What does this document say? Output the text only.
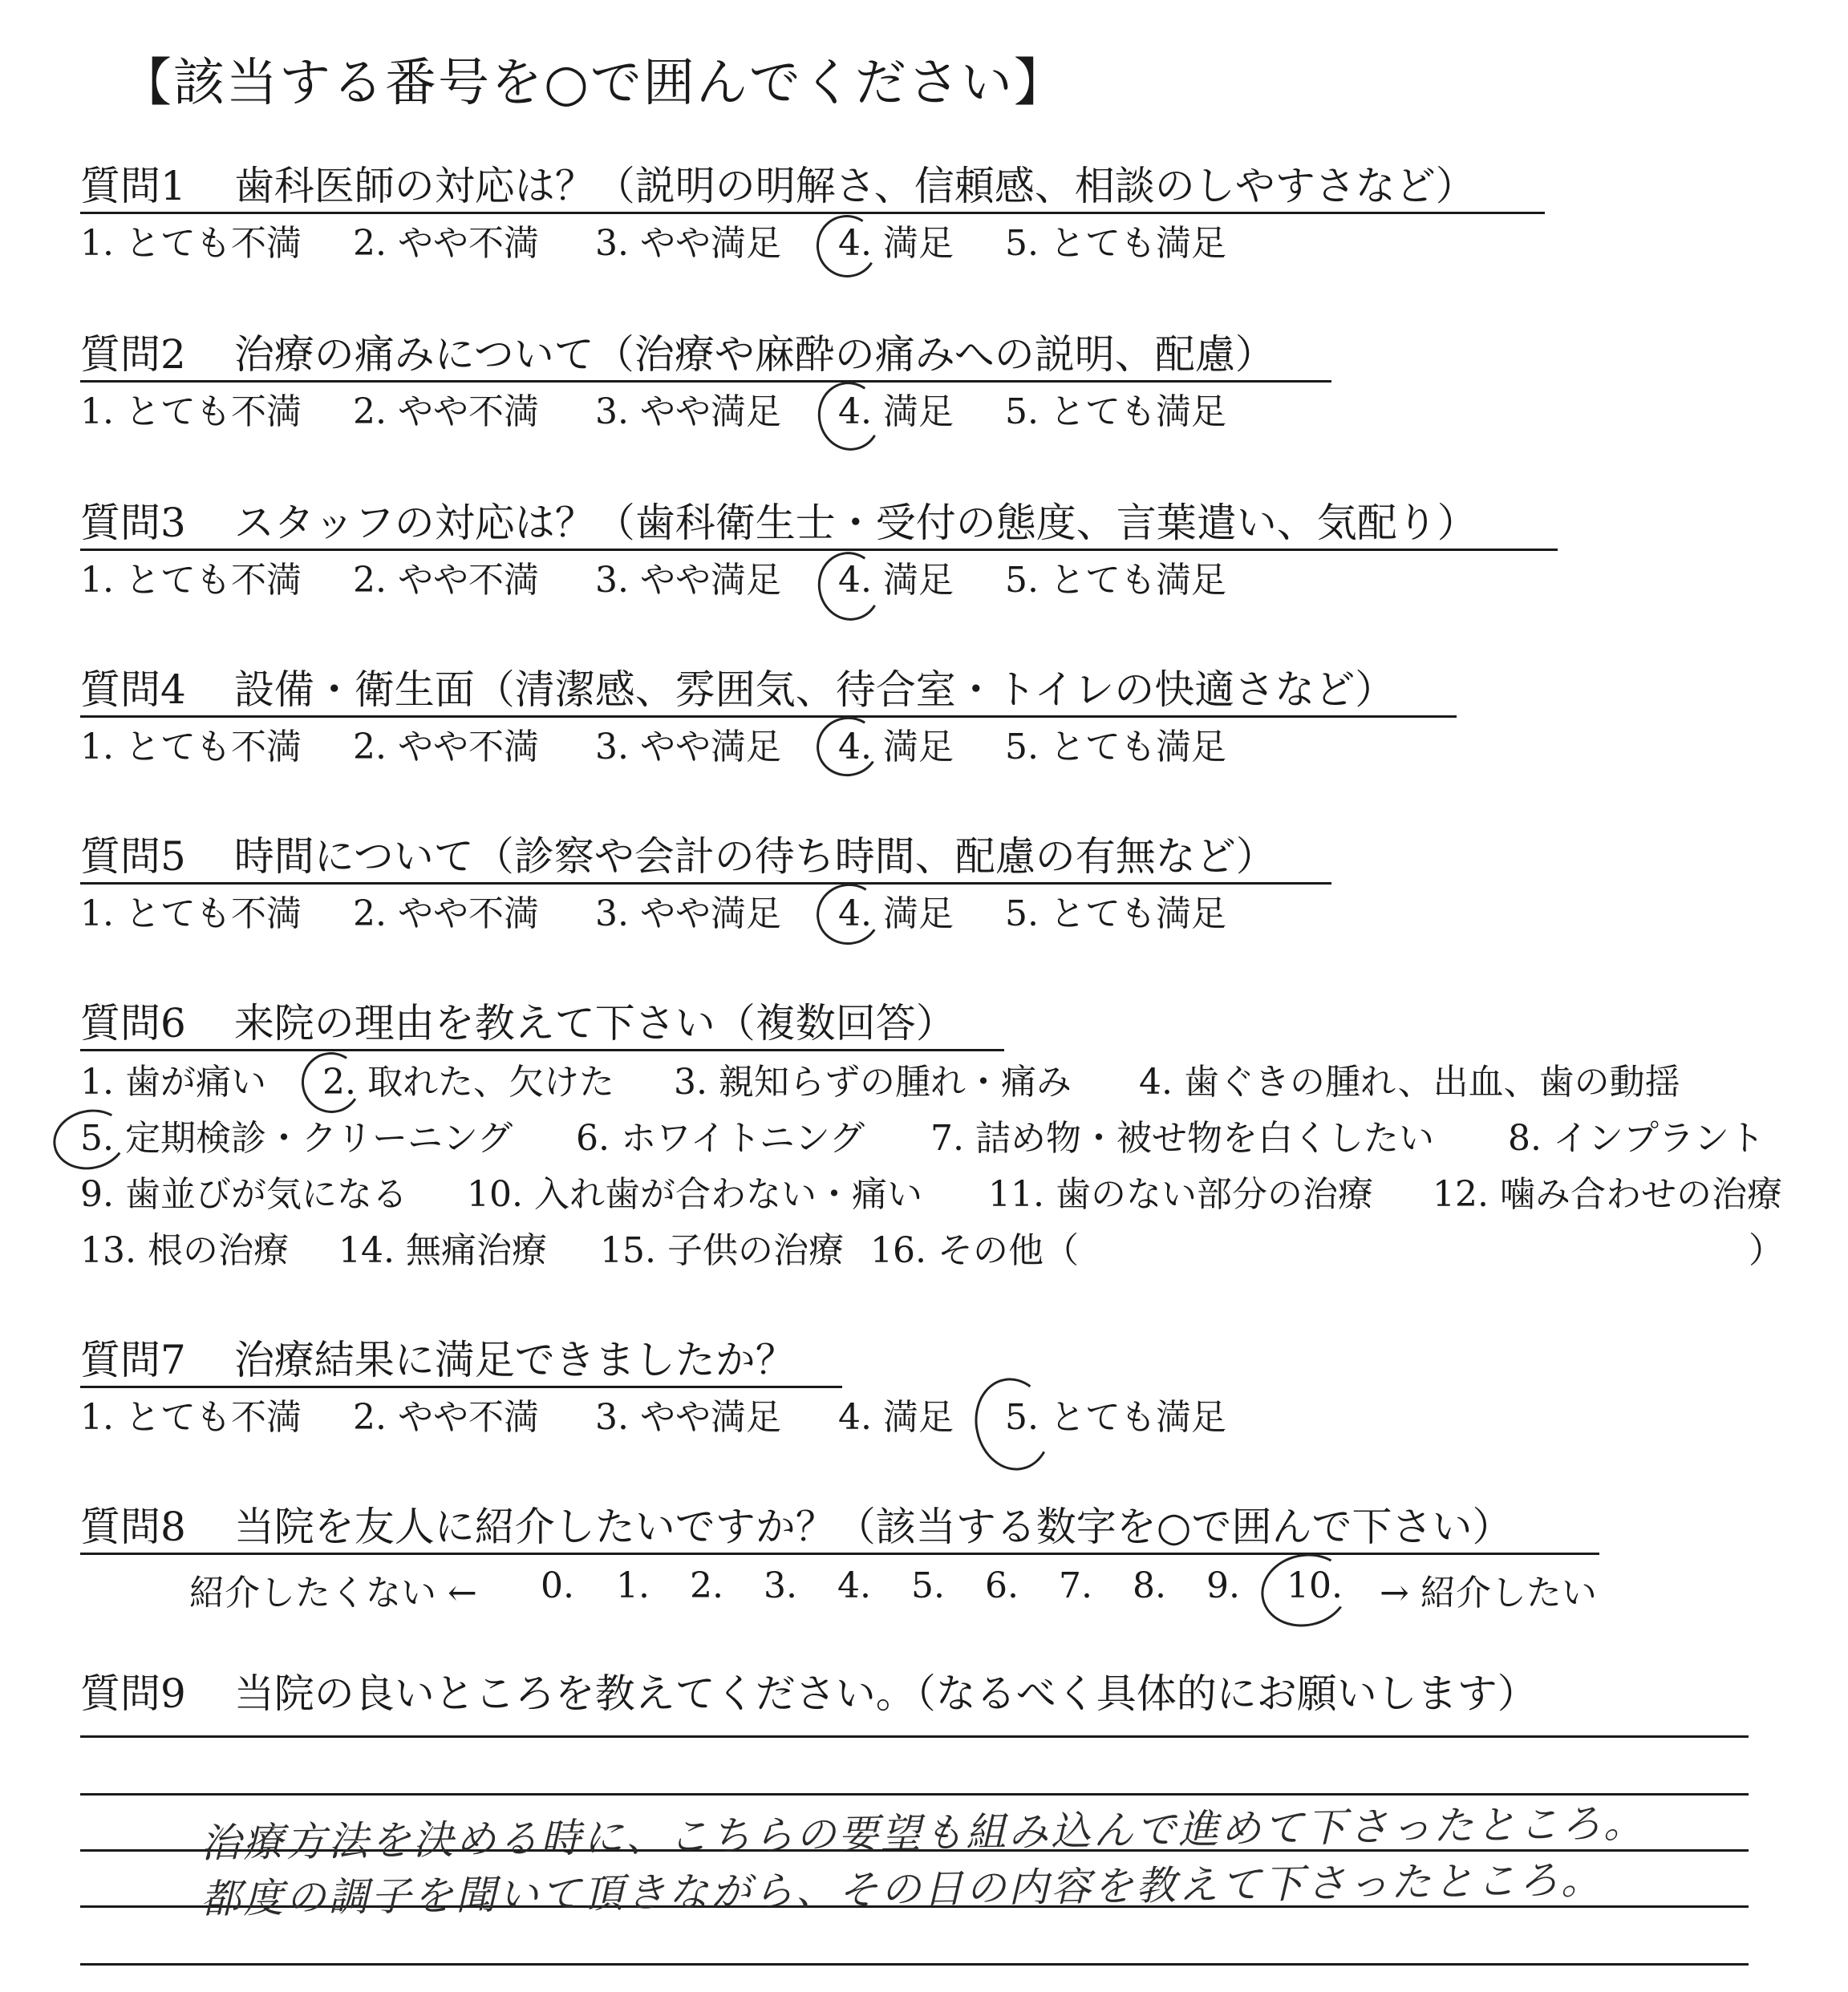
【該当する番号を○で囲んでください】
質問1 歯科医師の対応は？（説明の明解さ、信頼感、相談のしやすさなど）
1. とても不満 2. やや不満 3. やや満足 4. 満足 5. とても満足
質問2 治療の痛みについて（治療や麻酔の痛みへの説明、配慮）
1. とても不満 2. やや不満 3. やや満足 4. 満足 5. とても満足
質問3 スタッフの対応は？（歯科衛生士・受付の態度、言葉遣い、気配り）
1. とても不満 2. やや不満 3. やや満足 4. 満足 5. とても満足
質問4 設備・衛生面（清潔感、雰囲気、待合室・トイレの快適さなど）
1. とても不満 2. やや不満 3. やや満足 4. 満足 5. とても満足
質問5 時間について（診察や会計の待ち時間、配慮の有無など）
1. とても不満 2. やや不満 3. やや満足 4. 満足 5. とても満足
質問6 来院の理由を教えて下さい（複数回答）
1. 歯が痛い 2. 取れた、欠けた 3. 親知らずの腫れ・痛み 4. 歯ぐきの腫れ、出血、歯の動揺
5. 定期検診・クリーニング 6. ホワイトニング 7. 詰め物・被せ物を白くしたい 8. インプラント
9. 歯並びが気になる 10. 入れ歯が合わない・痛い 11. 歯のない部分の治療 12. 噛み合わせの治療
13. 根の治療 14. 無痛治療 15. 子供の治療 16. その他（	）
質問7 治療結果に満足できましたか？
1. とても不満 2. やや不満 3. やや満足 4. 満足 5. とても満足
質問8 当院を友人に紹介したいですか？（該当する数字を○で囲んで下さい）
紹介したくない ← 0. 1. 2. 3. 4. 5. 6. 7. 8. 9. 10. → 紹介したい
質問9 当院の良いところを教えてください。（なるべく具体的にお願いします）
治療方法を決める時に、こちらの要望も組み込んで進めて下さったところ。
都度の調子を聞いて頂きながら、その日の内容を教えて下さったところ。
